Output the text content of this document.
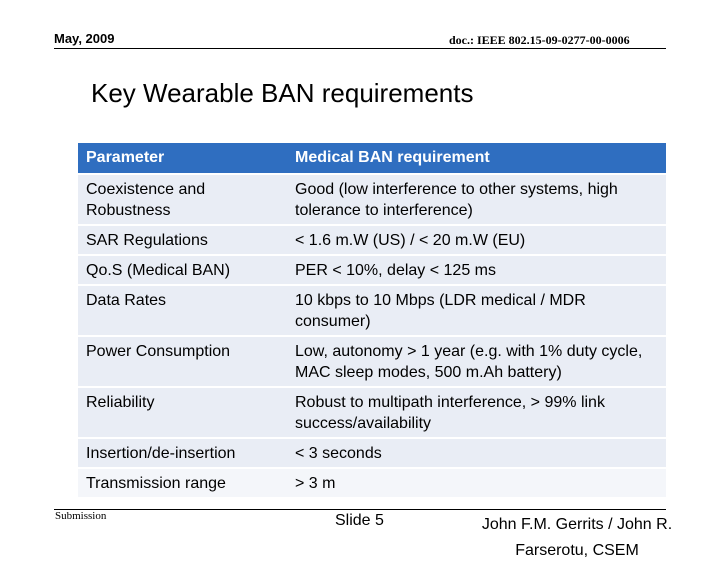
May, 2009	doc.: IEEE 802.15-09-0277-00-0006
Key Wearable BAN requirements
Parameter	Medical BAN requirement
Coexistence and Robustness	Good (low interference to other systems, high tolerance to interference)
SAR Regulations	< 1.6 m.W (US) / < 20 m.W (EU)
Qo.S (Medical BAN)	PER < 10%, delay < 125 ms
Data Rates	10 kbps to 10 Mbps (LDR medical / MDR consumer)
Power Consumption	Low, autonomy > 1 year (e.g. with 1% duty cycle, MAC sleep modes, 500 m.Ah battery)
Reliability	Robust to multipath interference, > 99% link success/availability
Insertion/de-insertion	< 3 seconds
Transmission range	> 3 m
Submission	Slide 5	John F.M. Gerrits / John R. Farserotu, CSEM
